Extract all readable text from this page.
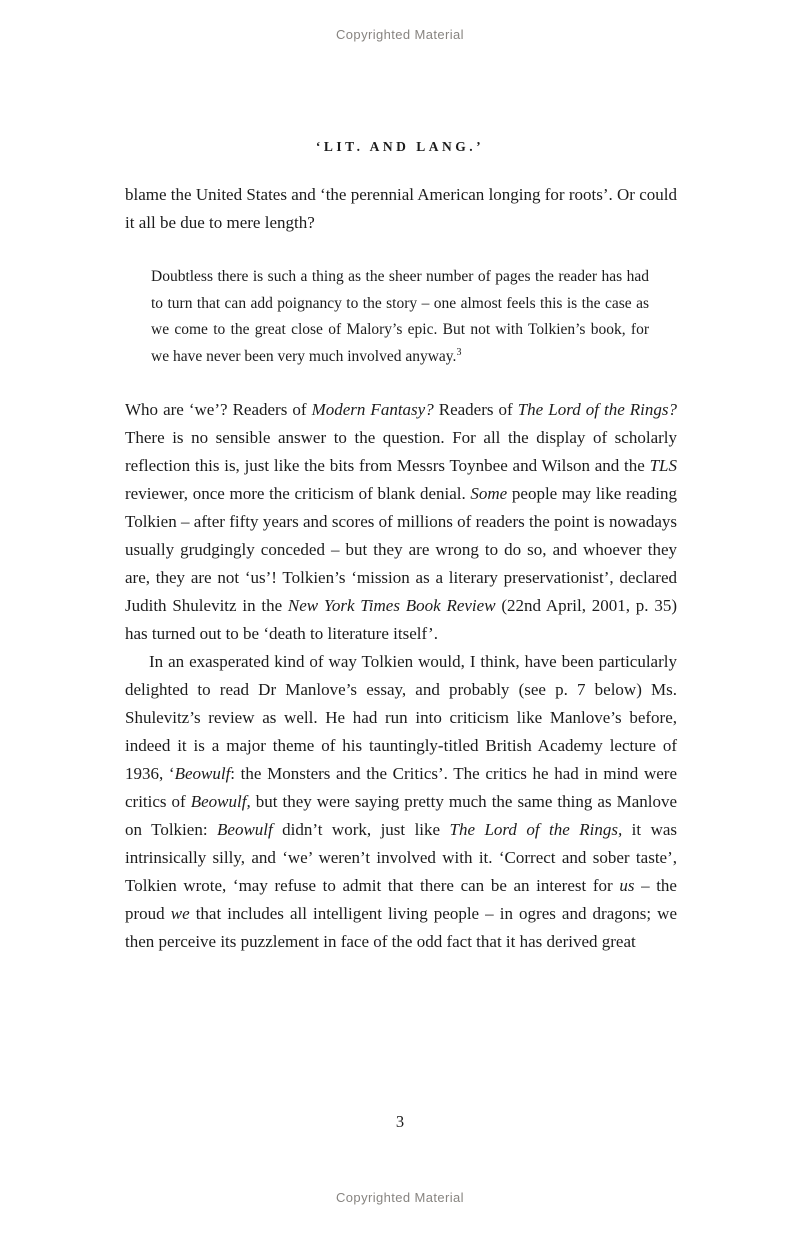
Copyrighted Material
‘LIT. AND LANG.’

blame the United States and ‘the perennial American longing for roots’. Or could it all be due to mere length?

Doubtless there is such a thing as the sheer number of pages the reader has had to turn that can add poignancy to the story – one almost feels this is the case as we come to the great close of Malory’s epic. But not with Tolkien’s book, for we have never been very much involved anyway.$^3$

Who are ‘we’? Readers of Modern Fantasy? Readers of The Lord of the Rings? There is no sensible answer to the question. For all the display of scholarly reflection this is, just like the bits from Messrs Toynbee and Wilson and the TLS reviewer, once more the criticism of blank denial. Some people may like reading Tolkien – after fifty years and scores of millions of readers the point is nowadays usually grudgingly conceded – but they are wrong to do so, and whoever they are, they are not ‘us’! Tolkien’s ‘mission as a literary preservationist’, declared Judith Shulevitz in the New York Times Book Review (22nd April, 2001, p. 35) has turned out to be ‘death to literature itself’.

In an exasperated kind of way Tolkien would, I think, have been particularly delighted to read Dr Manlove’s essay, and probably (see p. 7 below) Ms. Shulevitz’s review as well. He had run into criticism like Manlove’s before, indeed it is a major theme of his tauntingly-titled British Academy lecture of 1936, ‘Beowulf: the Monsters and the Critics’. The critics he had in mind were critics of Beowulf, but they were saying pretty much the same thing as Manlove on Tolkien: Beowulf didn’t work, just like The Lord of the Rings, it was intrinsically silly, and ‘we’ weren’t involved with it. ‘Correct and sober taste’, Tolkien wrote, ‘may refuse to admit that there can be an interest for us – the proud we that includes all intelligent living people – in ogres and dragons; we then perceive its puzzlement in face of the odd fact that it has derived great

3
Copyrighted Material
